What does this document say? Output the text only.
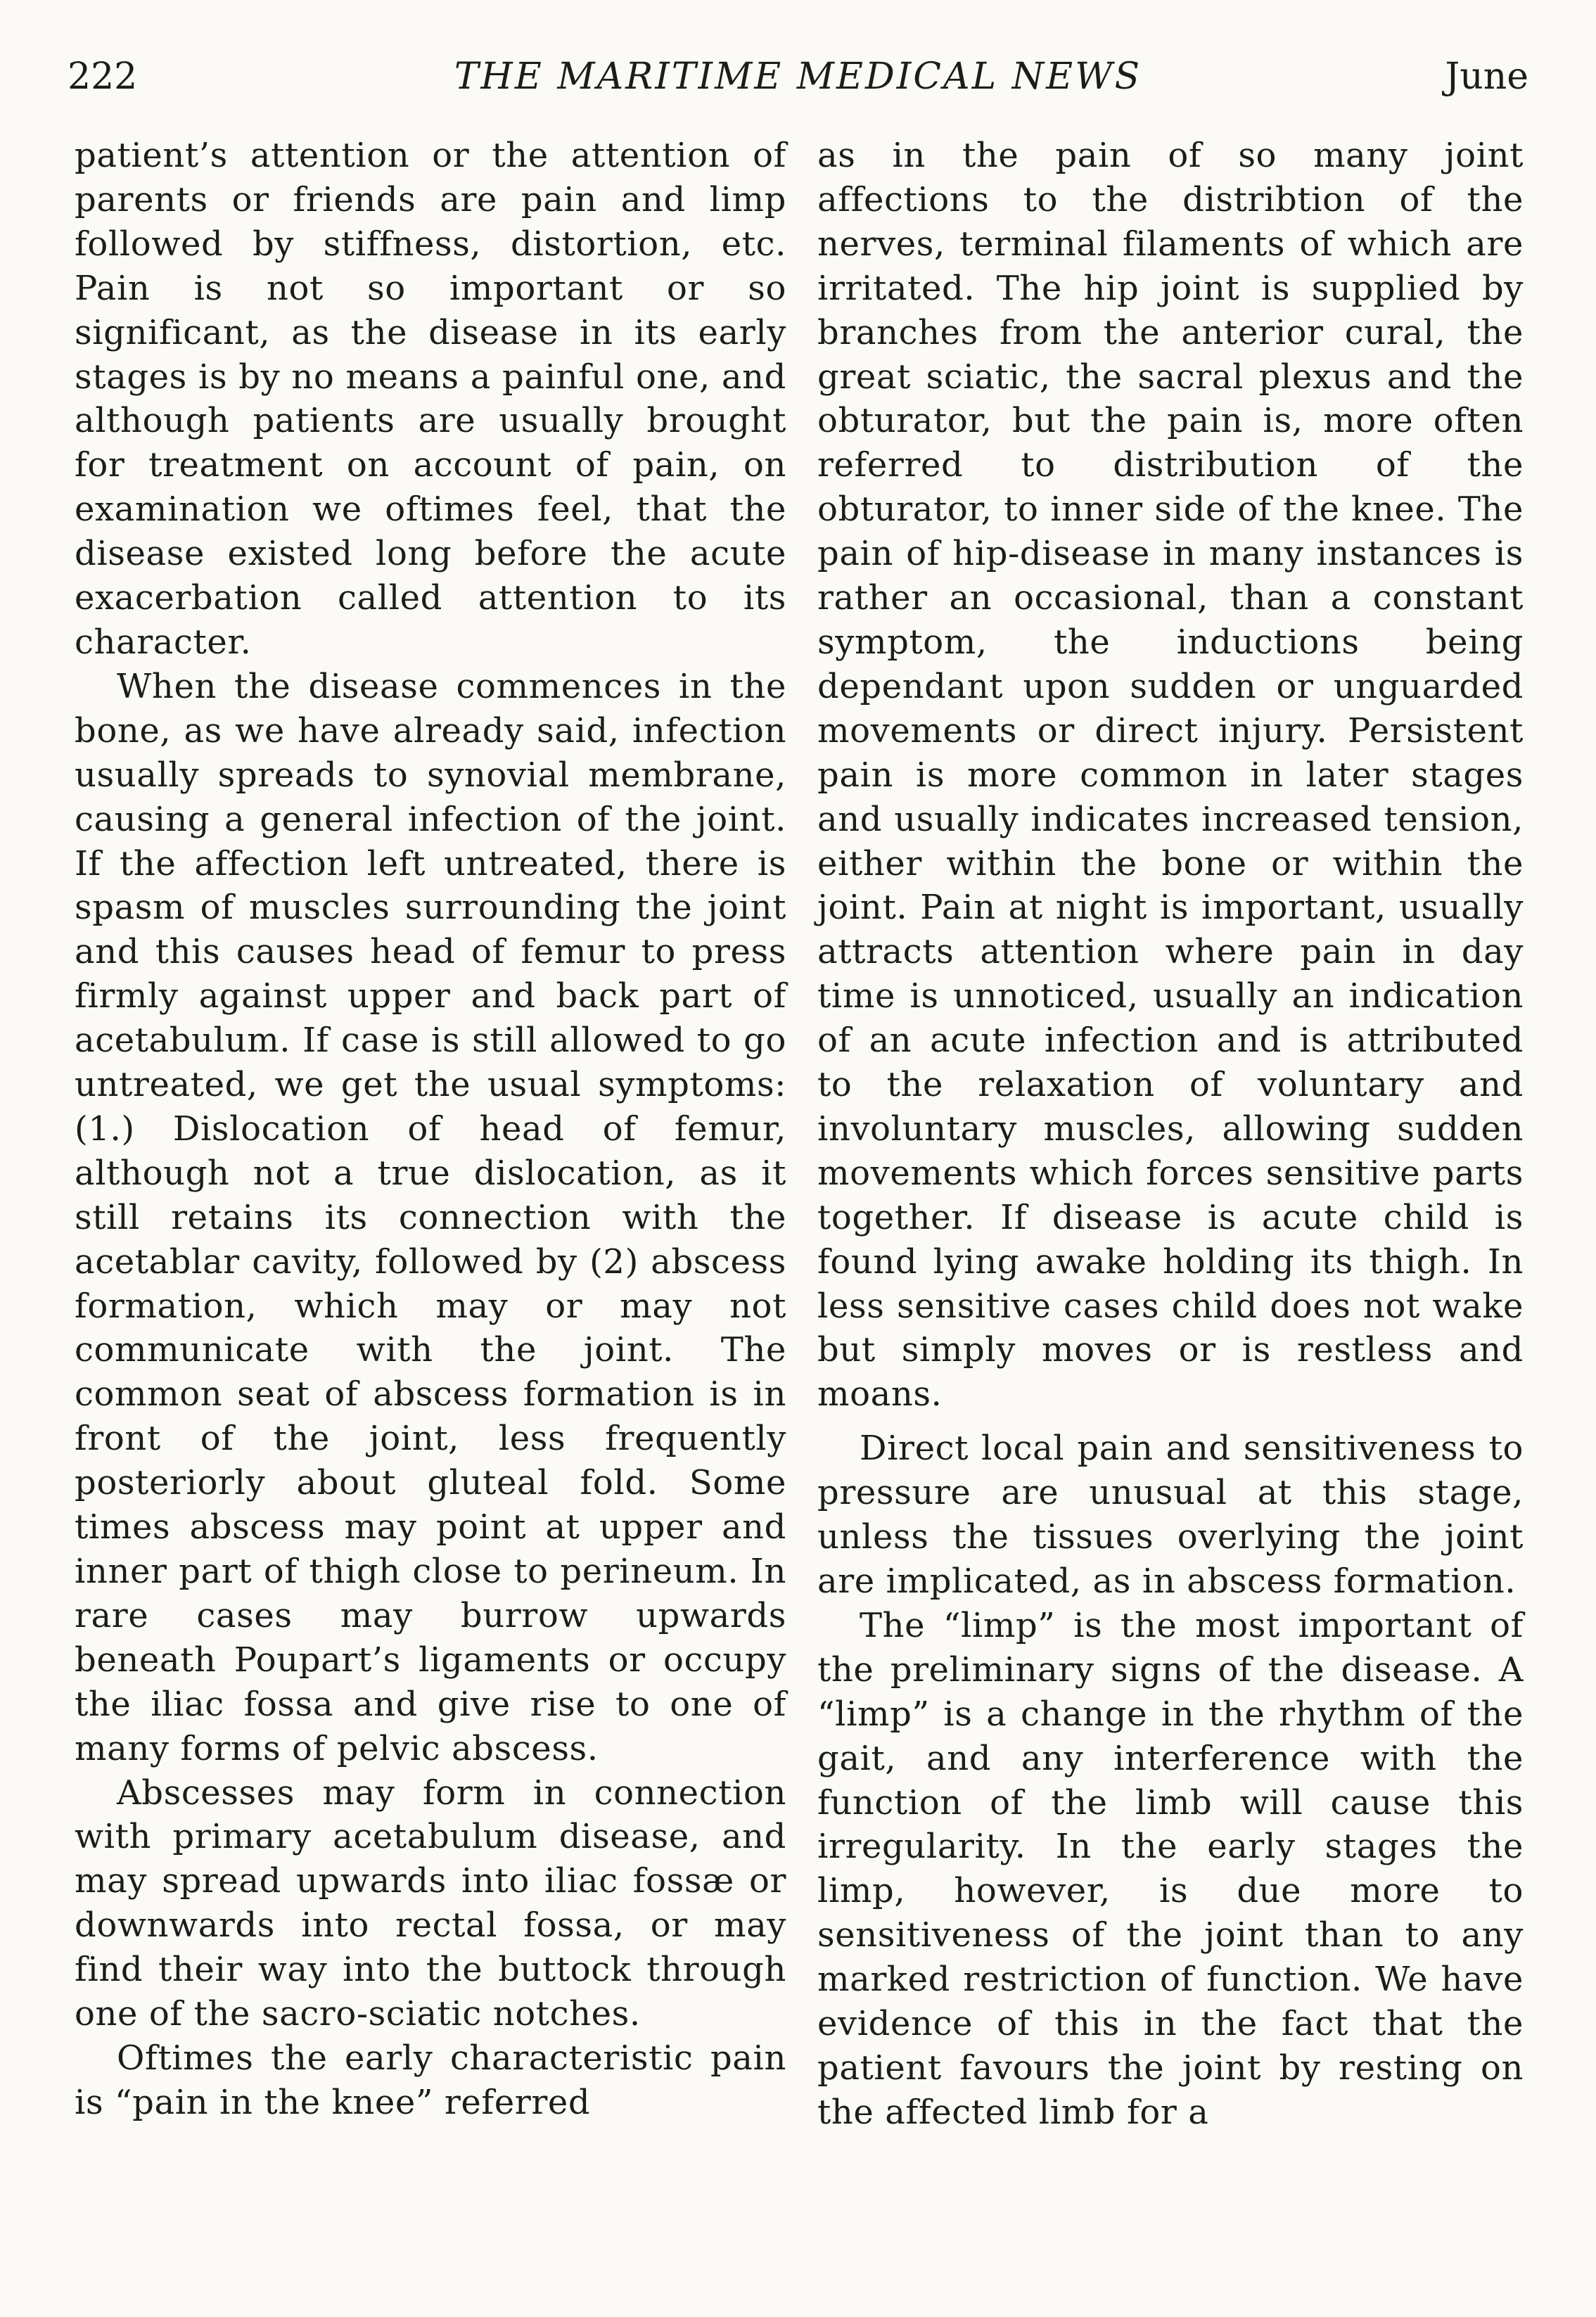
222	THE MARITIME MEDICAL NEWS	June

patient’s attention or the attention of parents or friends are pain and limp followed by stiffness, distortion, etc. Pain is not so important or so significant, as the disease in its early stages is by no means a painful one, and although patients are usually brought for treatment on account of pain, on examination we oftimes feel, that the disease existed long before the acute exacerbation called attention to its character.

When the disease commences in the bone, as we have already said, infection usually spreads to synovial membrane, causing a general infection of the joint. If the affection left untreated, there is spasm of muscles surrounding the joint and this causes head of femur to press firmly against upper and back part of acetabulum. If case is still allowed to go untreated, we get the usual symptoms: (1.) Dislocation of head of femur, although not a true dislocation, as it still retains its connection with the acetablar cavity, followed by (2) abscess formation, which may or may not communicate with the joint. The common seat of abscess formation is in front of the joint, less frequently posteriorly about gluteal fold. Some times abscess may point at upper and inner part of thigh close to perineum. In rare cases may burrow upwards beneath Poupart’s ligaments or occupy the iliac fossa and give rise to one of many forms of pelvic abscess.

Abscesses may form in connection with primary acetabulum disease, and may spread upwards into iliac fossæ or downwards into rectal fossa, or may find their way into the buttock through one of the sacro-sciatic notches.

Oftimes the early characteristic pain is “pain in the knee” referred

as in the pain of so many joint affections to the distribtion of the nerves, terminal filaments of which are irritated. The hip joint is supplied by branches from the anterior cural, the great sciatic, the sacral plexus and the obturator, but the pain is, more often referred to distribution of the obturator, to inner side of the knee. The pain of hip-disease in many instances is rather an occasional, than a constant symptom, the inductions being dependant upon sudden or unguarded movements or direct injury. Persistent pain is more common in later stages and usually indicates increased tension, either within the bone or within the joint. Pain at night is important, usually attracts attention where pain in day time is unnoticed, usually an indication of an acute infection and is attributed to the relaxation of voluntary and involuntary muscles, allowing sudden movements which forces sensitive parts together. If disease is acute child is found lying awake holding its thigh. In less sensitive cases child does not wake but simply moves or is restless and moans.

Direct local pain and sensitiveness to pressure are unusual at this stage, unless the tissues overlying the joint are implicated, as in abscess formation.

The “limp” is the most important of the preliminary signs of the disease. A “limp” is a change in the rhythm of the gait, and any interference with the function of the limb will cause this irregularity. In the early stages the limp, however, is due more to sensitiveness of the joint than to any marked restriction of function. We have evidence of this in the fact that the patient favours the joint by resting on the affected limb for a
